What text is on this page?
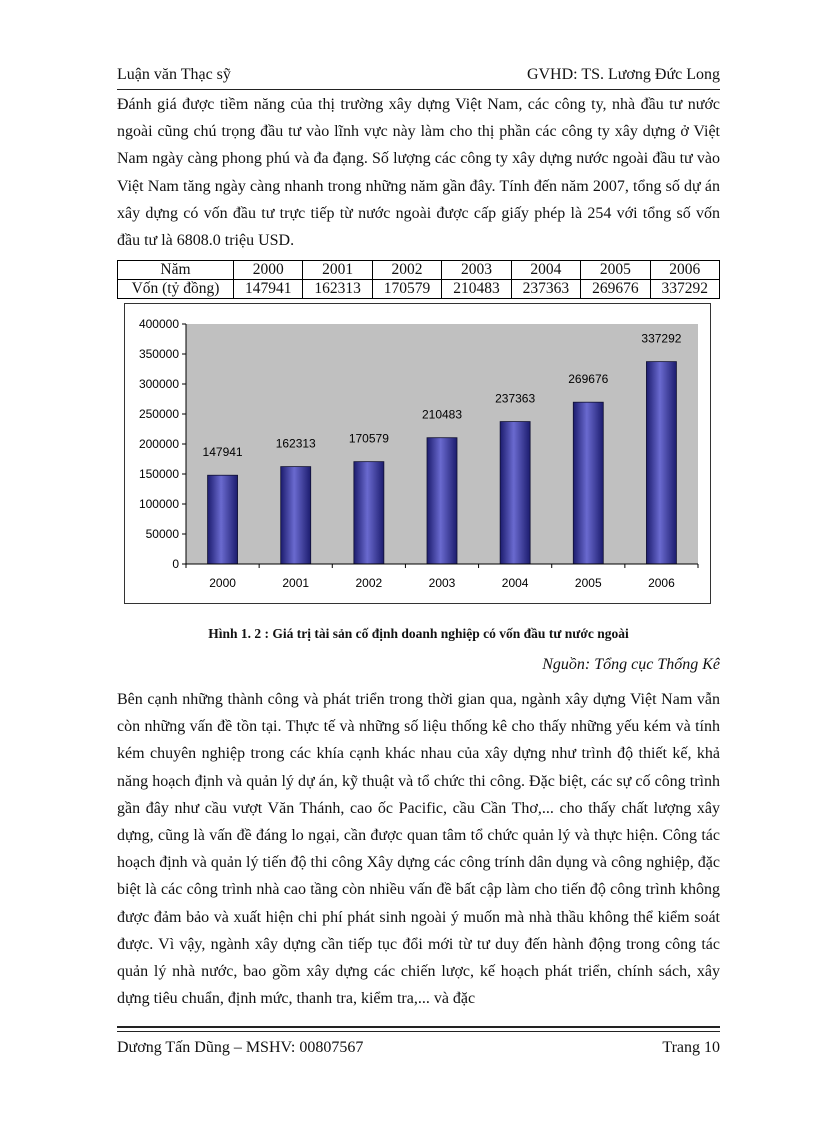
Luận văn Thạc sỹ	GVHD: TS. Lương Đức Long

Đánh giá được tiềm năng của thị trường xây dựng Việt Nam, các công ty, nhà đầu tư nước ngoài cũng chú trọng đầu tư vào lĩnh vực này làm cho thị phần các công ty xây dựng ở Việt Nam ngày càng phong phú và đa đạng. Số lượng các công ty xây dựng nước ngoài đầu tư vào Việt Nam tăng ngày càng nhanh trong những năm gần đây. Tính đến năm 2007, tổng số dự án xây dựng có vốn đầu tư trực tiếp từ nước ngoài được cấp giấy phép là 254 với tổng số vốn đầu tư là 6808.0 triệu USD.

Năm	2000	2001	2002	2003	2004	2005	2006
Vốn (tỷ đồng)	147941	162313	170579	210483	237363	269676	337292
0
50000
100000
150000
200000
250000
300000
350000
400000
147941
162313	170579
210483
237363
269676
337292
2000	2001	2002	2003	2004	2005	2006
Hình 1. 2 : Giá trị tài sản cố định doanh nghiệp có vốn đầu tư nước ngoài
Nguồn: Tổng cục Thống Kê

Bên cạnh những thành công và phát triển trong thời gian qua, ngành xây dựng Việt Nam vẫn còn những vấn đề tồn tại. Thực tế và những số liệu thống kê cho thấy những yếu kém và tính kém chuyên nghiệp trong các khía cạnh khác nhau của xây dựng như trình độ thiết kế, khả năng hoạch định và quản lý dự án, kỹ thuật và tổ chức thi công. Đặc biệt, các sự cố công trình gần đây như cầu vượt Văn Thánh, cao ốc Pacific, cầu Cần Thơ,... cho thấy chất lượng xây dựng, cũng là vấn đề đáng lo ngại, cần được quan tâm tổ chức quản lý và thực hiện. Công tác hoạch định và quản lý tiến độ thi công Xây dựng các công trính dân dụng và công nghiệp, đặc biệt là các công trình nhà cao tầng còn nhiều vấn đề bất cập làm cho tiến độ công trình không được đảm bảo và xuất hiện chi phí phát sinh ngoài ý muốn mà nhà thầu không thể kiểm soát được. Vì vậy, ngành xây dựng cần tiếp tục đổi mới từ tư duy đến hành động trong công tác quản lý nhà nước, bao gồm xây dựng các chiến lược, kế hoạch phát triển, chính sách, xây dựng tiêu chuẩn, định mức, thanh tra, kiểm tra,... và đặc

Dương Tấn Dũng – MSHV: 00807567	Trang 10
